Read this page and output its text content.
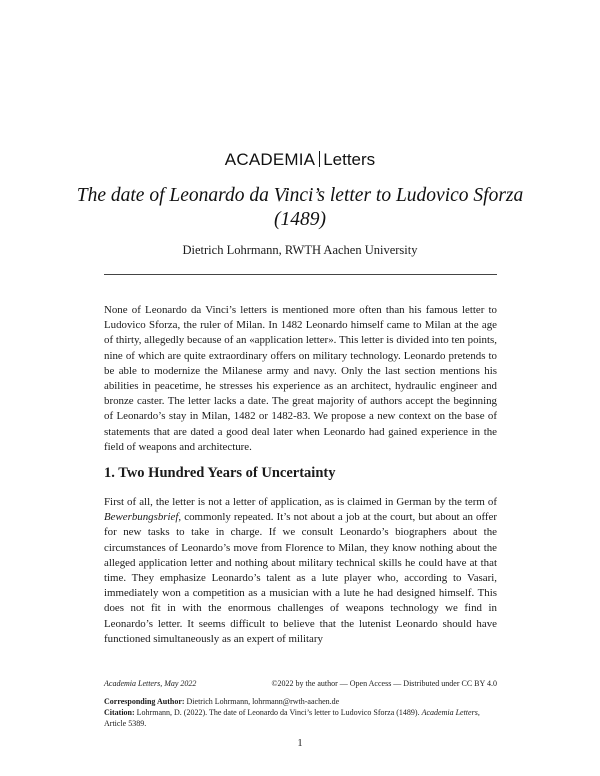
ACADEMIA Letters
The date of Leonardo da Vinci’s letter to Ludovico Sforza (1489)
Dietrich Lohrmann, RWTH Aachen University
None of Leonardo da Vinci’s letters is mentioned more often than his famous letter to Ludovico Sforza, the ruler of Milan. In 1482 Leonardo himself came to Milan at the age of thirty, allegedly because of an «application letter». This letter is divided into ten points, nine of which are quite extraordinary offers on military technology. Leonardo pretends to be able to modernize the Milanese army and navy. Only the last section mentions his abilities in peacetime, he stresses his experience as an architect, hydraulic engineer and bronze caster. The letter lacks a date. The great majority of authors accept the beginning of Leonardo’s stay in Milan, 1482 or 1482-83. We propose a new context on the base of statements that are dated a good deal later when Leonardo had gained experience in the field of weapons and architecture.
1. Two Hundred Years of Uncertainty
First of all, the letter is not a letter of application, as is claimed in German by the term of Bewerbungsbrief, commonly repeated. It’s not about a job at the court, but about an offer for new tasks to take in charge. If we consult Leonardo’s biographers about the circumstances of Leonardo’s move from Florence to Milan, they know nothing about the alleged application letter and nothing about military technical skills he could have at that time. They emphasize Leonardo’s talent as a lute player who, according to Vasari, immediately won a competition as a musician with a lute he had designed himself. This does not fit in with the enormous challenges of weapons technology we find in Leonardo’s letter. It seems difficult to believe that the lutenist Leonardo should have functioned simultaneously as an expert of military
Academia Letters, May 2022	©2022 by the author — Open Access — Distributed under CC BY 4.0
Corresponding Author: Dietrich Lohrmann, lohrmann@rwth-aachen.de
Citation: Lohrmann, D. (2022). The date of Leonardo da Vinci’s letter to Ludovico Sforza (1489). Academia Letters, Article 5389.
1
